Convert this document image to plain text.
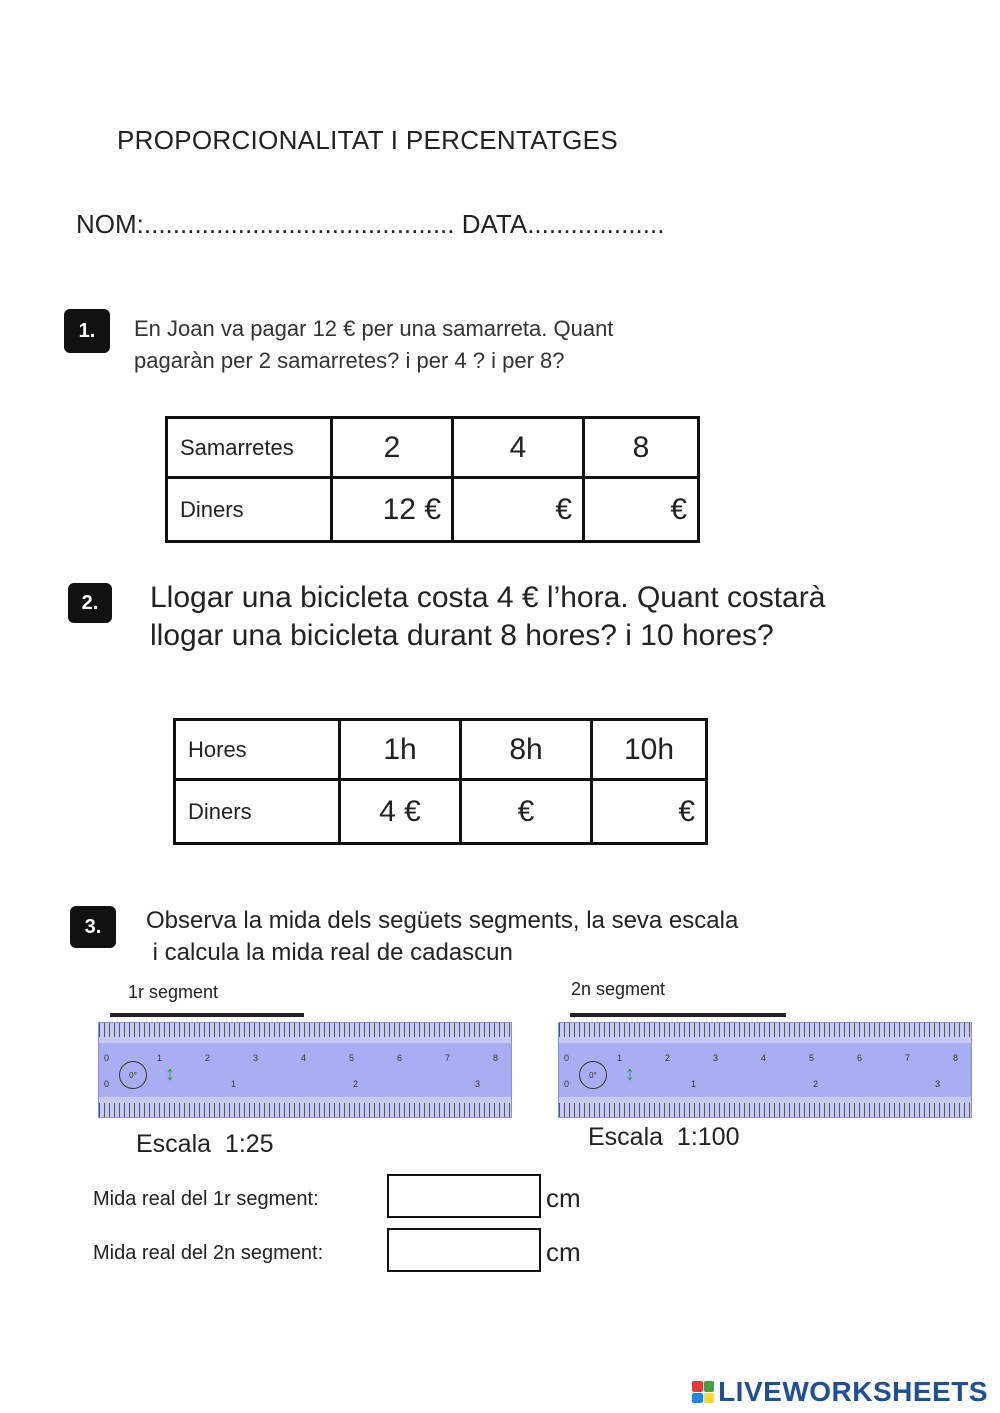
PROPORCIONALITAT I PERCENTATGES
NOM:........................................... DATA...................
1.	En Joan va pagar 12 € per una samarreta. Quant
pagaràn per 2 samarretes? i per 4 ? i per 8?
Samarretes	2	4	8
Diners	12 €	€	€
2.	Llogar una bicicleta costa 4 € l’hora. Quant costarà
llogar una bicicleta durant 8 hores? i 10 hores?
Hores	1h	8h	10h
Diners	4 €	€	€
3.	Observa la mida dels següets segments, la seva escala
i calcula la mida real de cadascun
1r segment
0	1	2	3	4	5	6	7	8
0	1	2	3
0°	↕
Escala  1:25
2n segment
0	1	2	3	4	5	6	7	8
0	1	2	3
0°	↕
Escala  1:100
Mida real del 1r segment:	cm
Mida real del 2n segment:	cm
LIVEWORKSHEETS
